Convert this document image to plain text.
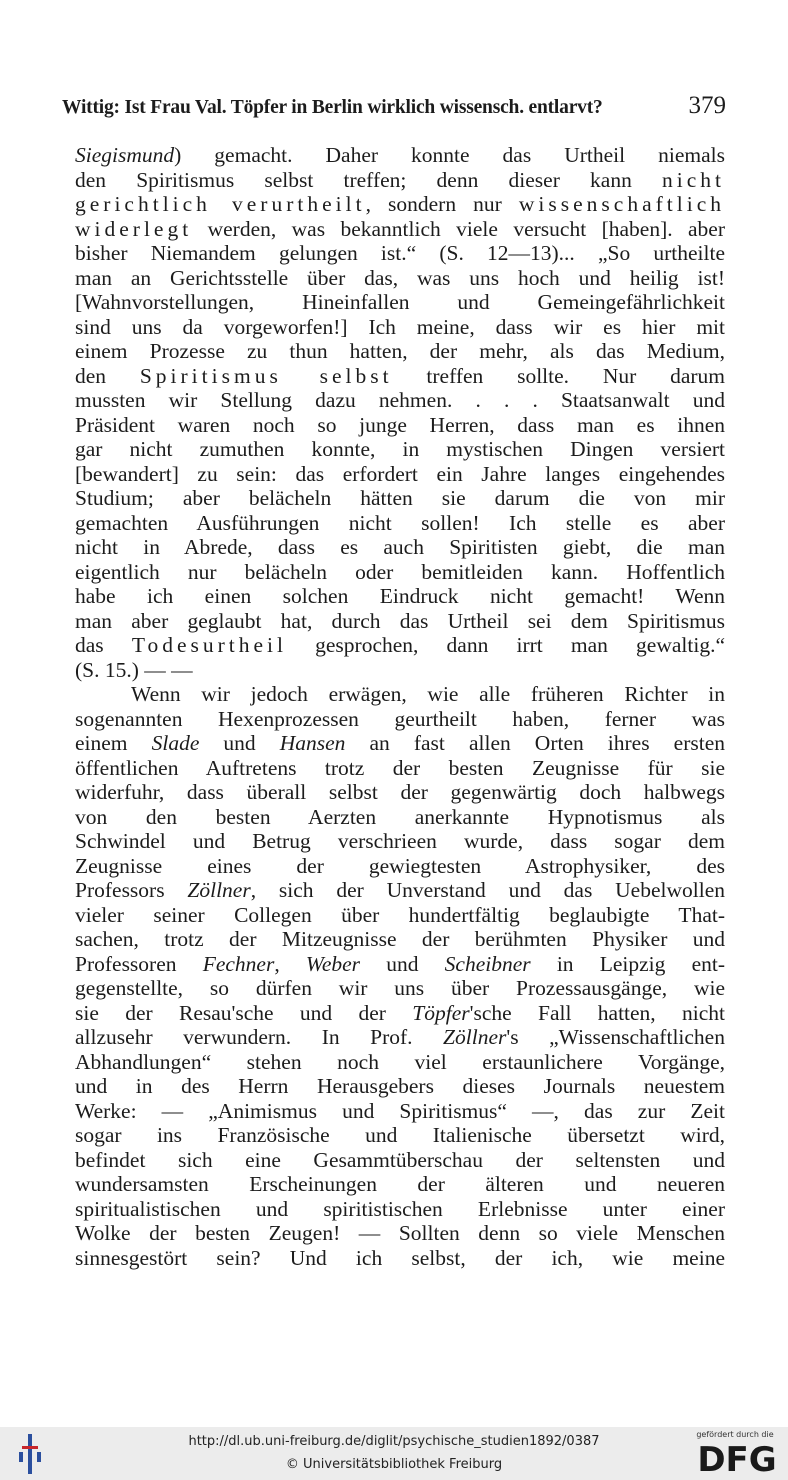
Wittig: Ist Frau Val. Töpfer in Berlin wirklich wissensch. entlarvt?	379
Siegismund) gemacht. Daher konnte das Urtheil niemals
den Spiritismus selbst treffen; denn dieser kann nicht
gerichtlich verurtheilt, sondern nur wissenschaftlich
widerlegt werden, was bekanntlich viele versucht [haben]. aber
bisher Niemandem gelungen ist.“ (S. 12—13)... „So urtheilte
man an Gerichtsstelle über das, was uns hoch und heilig ist!
[Wahnvorstellungen, Hineinfallen und Gemeingefährlichkeit
sind uns da vorgeworfen!] Ich meine, dass wir es hier mit
einem Prozesse zu thun hatten, der mehr, als das Medium,
den Spiritismus selbst treffen sollte. Nur darum
mussten wir Stellung dazu nehmen. . . . Staatsanwalt und
Präsident waren noch so junge Herren, dass man es ihnen
gar nicht zumuthen konnte, in mystischen Dingen versiert
[bewandert] zu sein: das erfordert ein Jahre langes eingehendes
Studium; aber belächeln hätten sie darum die von mir
gemachten Ausführungen nicht sollen! Ich stelle es aber
nicht in Abrede, dass es auch Spiritisten giebt, die man
eigentlich nur belächeln oder bemitleiden kann. Hoffentlich
habe ich einen solchen Eindruck nicht gemacht! Wenn
man aber geglaubt hat, durch das Urtheil sei dem Spiritismus
das Todesurtheil gesprochen, dann irrt man gewaltig.“
(S. 15.) — —
Wenn wir jedoch erwägen, wie alle früheren Richter in
sogenannten Hexenprozessen geurtheilt haben, ferner was
einem Slade und Hansen an fast allen Orten ihres ersten
öffentlichen Auftretens trotz der besten Zeugnisse für sie
widerfuhr, dass überall selbst der gegenwärtig doch halbwegs
von den besten Aerzten anerkannte Hypnotismus als
Schwindel und Betrug verschrieen wurde, dass sogar dem
Zeugnisse eines der gewiegtesten Astrophysiker, des
Professors Zöllner, sich der Unverstand und das Uebelwollen
vieler seiner Collegen über hundertfältig beglaubigte That-
sachen, trotz der Mitzeugnisse der berühmten Physiker und
Professoren Fechner, Weber und Scheibner in Leipzig ent-
gegenstellte, so dürfen wir uns über Prozessausgänge, wie
sie der Resau'sche und der Töpfer'sche Fall hatten, nicht
allzusehr verwundern. In Prof. Zöllner's „Wissenschaftlichen
Abhandlungen“ stehen noch viel erstaunlichere Vorgänge,
und in des Herrn Herausgebers dieses Journals neuestem
Werke: — „Animismus und Spiritismus“ —, das zur Zeit
sogar ins Französische und Italienische übersetzt wird,
befindet sich eine Gesammtüberschau der seltensten und
wundersamsten Erscheinungen der älteren und neueren
spiritualistischen und spiritistischen Erlebnisse unter einer
Wolke der besten Zeugen! — Sollten denn so viele Menschen
sinnesgestört sein? Und ich selbst, der ich, wie meine
http://dl.ub.uni-freiburg.de/diglit/psychische_studien1892/0387
© Universitätsbibliothek Freiburg
gefördert durch die
DFG
